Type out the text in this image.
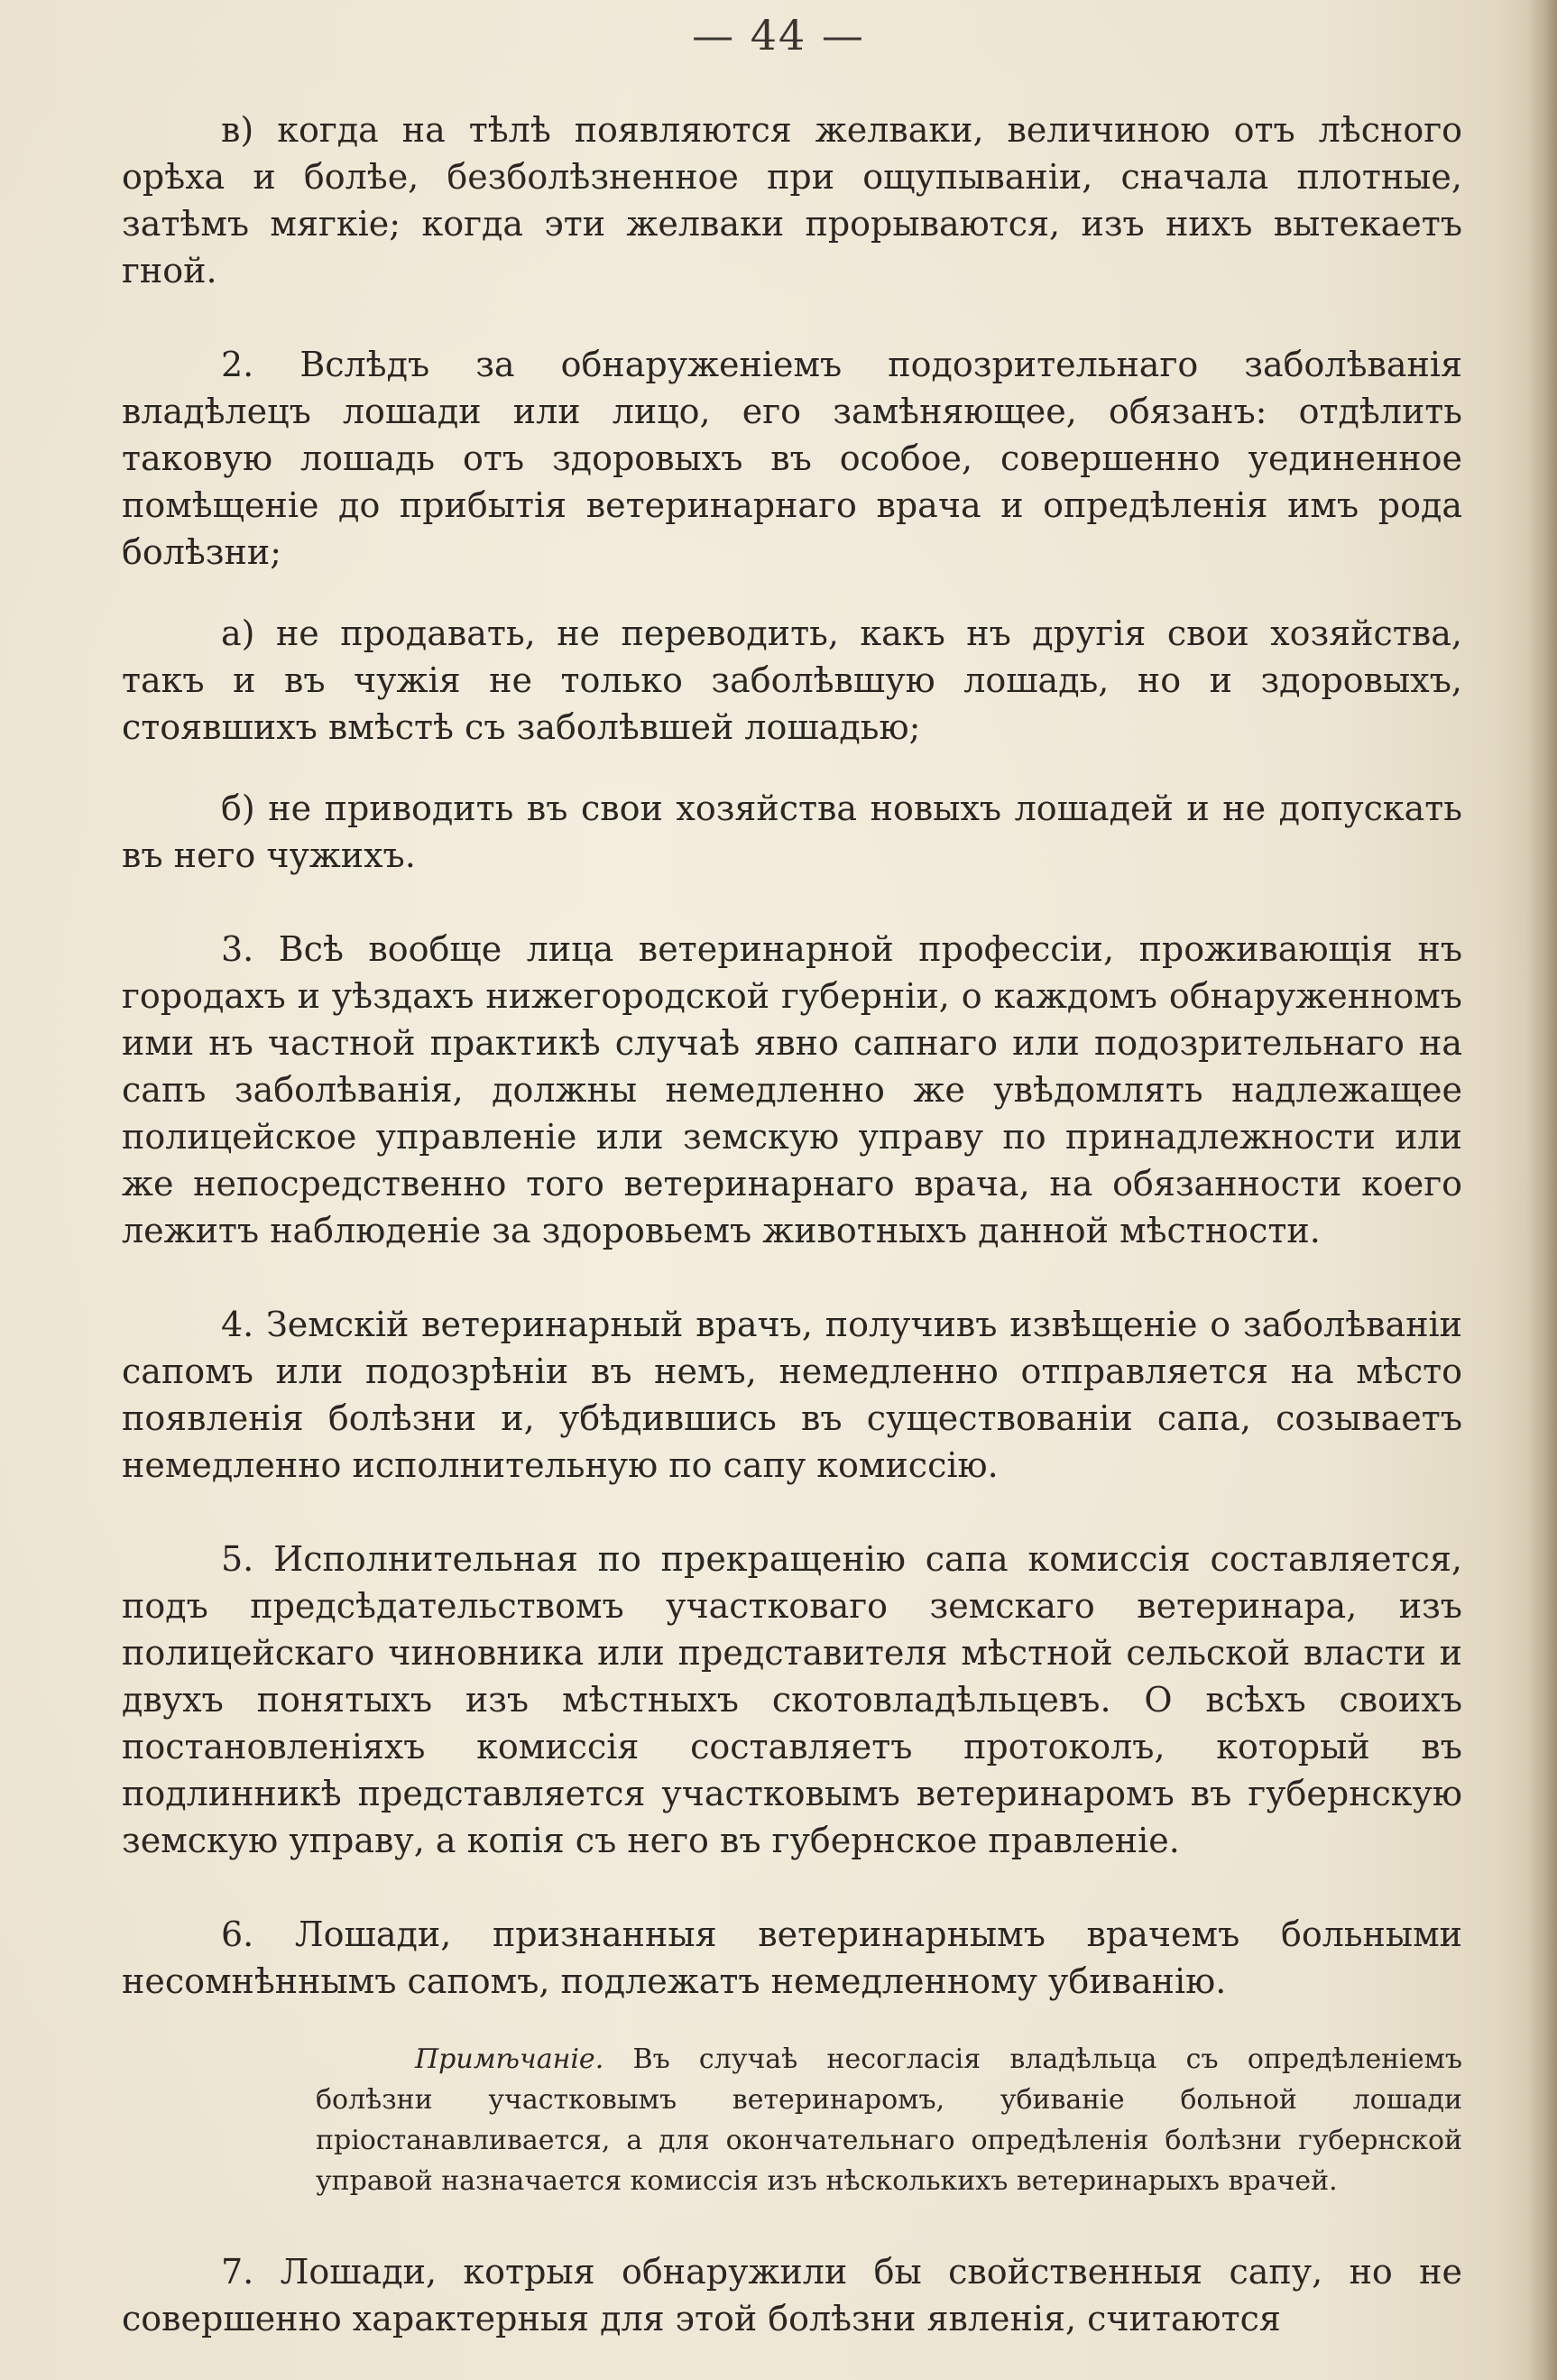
— 44 —

в) когда на тѣлѣ появляются желваки, величиною отъ лѣсного орѣха и болѣе, безболѣзненное при ощупываніи, сначала плотные, затѣмъ мягкіе; когда эти желваки прорываются, изъ нихъ вытекаетъ гной.

2. Вслѣдъ за обнаруженіемъ подозрительнаго заболѣванія владѣлецъ лошади или лицо, его замѣняющее, обязанъ: отдѣлить таковую лошадь отъ здоровыхъ въ особое, совершенно уединенное помѣщеніе до прибытія ветеринарнаго врача и опредѣленія имъ рода болѣзни;

а) не продавать, не переводить, какъ нъ другія свои хозяйства, такъ и въ чужія не только заболѣвшую лошадь, но и здоровыхъ, стоявшихъ вмѣстѣ съ заболѣвшей лошадью;

б) не приводить въ свои хозяйства новыхъ лошадей и не допускать въ него чужихъ.

3. Всѣ вообще лица ветеринарной профессіи, проживающія нъ городахъ и уѣздахъ нижегородской губерніи, о каждомъ обнаруженномъ ими нъ частной практикѣ случаѣ явно сапнаго или подозрительнаго на сапъ заболѣванія, должны немедленно же увѣдомлять надлежащее полицейское управленіе или земскую управу по принадлежности или же непосредственно того ветеринарнаго врача, на обязанности коего лежитъ наблюденіе за здоровьемъ животныхъ данной мѣстности.

4. Земскій ветеринарный врачъ, получивъ извѣщеніе о заболѣваніи сапомъ или подозрѣніи въ немъ, немедленно отправляется на мѣсто появленія болѣзни и, убѣдившись въ существованіи сапа, созываетъ немедленно исполнительную по сапу комиссію.

5. Исполнительная по прекращенію сапа комиссія составляется, подъ предсѣдательствомъ участковаго земскаго ветеринара, изъ полицейскаго чиновника или представителя мѣстной сельской власти и двухъ понятыхъ изъ мѣстныхъ скотовладѣльцевъ. О всѣхъ своихъ постановленіяхъ комиссія составляетъ протоколъ, который въ подлинникѣ представляется участковымъ ветеринаромъ въ губернскую земскую управу, а копія съ него въ губернское правленіе.

6. Лошади, признанныя ветеринарнымъ врачемъ больными несомнѣннымъ сапомъ, подлежатъ немедленному убиванію.

Примѣчаніе. Въ случаѣ несогласія владѣльца съ опредѣленіемъ болѣзни участковымъ ветеринаромъ, убиваніе больной лошади пріостанавливается, а для окончательнаго опредѣленія болѣзни губернской управой назначается комиссія изъ нѣсколькихъ ветеринарыхъ врачей.

7. Лошади, котрыя обнаружили бы свойственныя сапу, но не совершенно характерныя для этой болѣзни явленія, считаются
